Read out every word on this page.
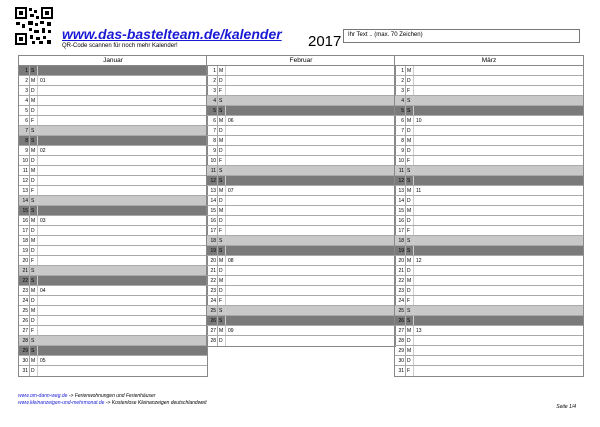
www.das-bastelteam.de/kalender
QR-Code scannen für noch mehr Kalender!	2017	Ihr Text .. (max. 70 Zeichen)
Januar
1 S
2 M 01
3 D
4 M
5 D
6 F
7 S
8 S
9 M 02
10 D
11 M
12 D
13 F
14 S
15 S
16 M 03
17 D
18 M
19 D
20 F
21 S
22 S
23 M 04
24 D
25 M
26 D
27 F
28 S
29 S
30 M 05
31 D
Februar
1 M
2 D
3 F
4 S
5 S
6 M 06
7 D
8 M
9 D
10 F
11 S
12 S
13 M 07
14 D
15 M
16 D
17 F
18 S
19 S
20 M 08
21 D
22 M
23 D
24 F
25 S
26 S
27 M 09
28 D
März
1 M
2 D
3 F
4 S
5 S
6 M 10
7 D
8 M
9 D
10 F
11 S
12 S
13 M 11
14 D
15 M
16 D
17 F
18 S
19 S
20 M 12
21 D
22 M
23 D
24 F
25 S
26 S
27 M 13
28 D
29 M
30 D
31 F
www.om-dann-weg.de -> Ferienwohnungen und Ferienhäuser
www.kleinanzeigen-und-mehrmonat.de -> Kostenlose Kleinanzeigen deutschlandweit
Seite 1/4
